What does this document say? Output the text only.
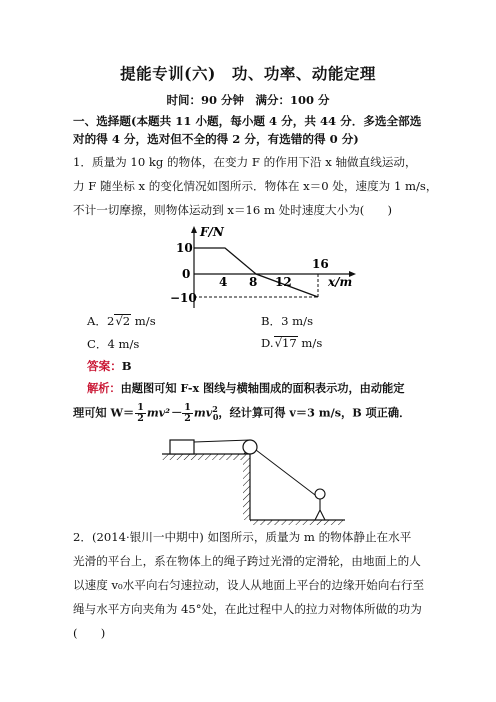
提能专训(六)　功、功率、动能定理
时间：90 分钟　满分：100 分
一、选择题(本题共 11 小题，每小题 4 分，共 44 分．多选全部选
对的得 4 分，选对但不全的得 2 分，有选错的得 0 分)
1．质量为 10 kg 的物体，在变力 F 的作用下沿 x 轴做直线运动，
力 F 随坐标 x 的变化情况如图所示．物体在 x＝0 处，速度为 1 m/s，
不计一切摩擦，则物体运动到 x＝16 m 处时速度大小为(　　)
F/N
x/m
10
0
−10
4 8 12
16
A．2√2 m/s	B．3 m/s
C．4 m/s	D.√17 m/s
答案：B
解析：由题图可知 F-x 图线与横轴围成的面积表示功，由动能定
理可知 $W= \frac{1}{2} mv^2- \frac{1}{2} mv^2_0$，经计算可得 v＝3 m/s，B 项正确．
2．(2014·银川一中期中) 如图所示，质量为 m 的物体静止在水平
光滑的平台上，系在物体上的绳子跨过光滑的定滑轮，由地面上的人
以速度 v₀水平向右匀速拉动，设人从地面上平台的边缘开始向右行至
绳与水平方向夹角为 45°处，在此过程中人的拉力对物体所做的功为
(　　)
